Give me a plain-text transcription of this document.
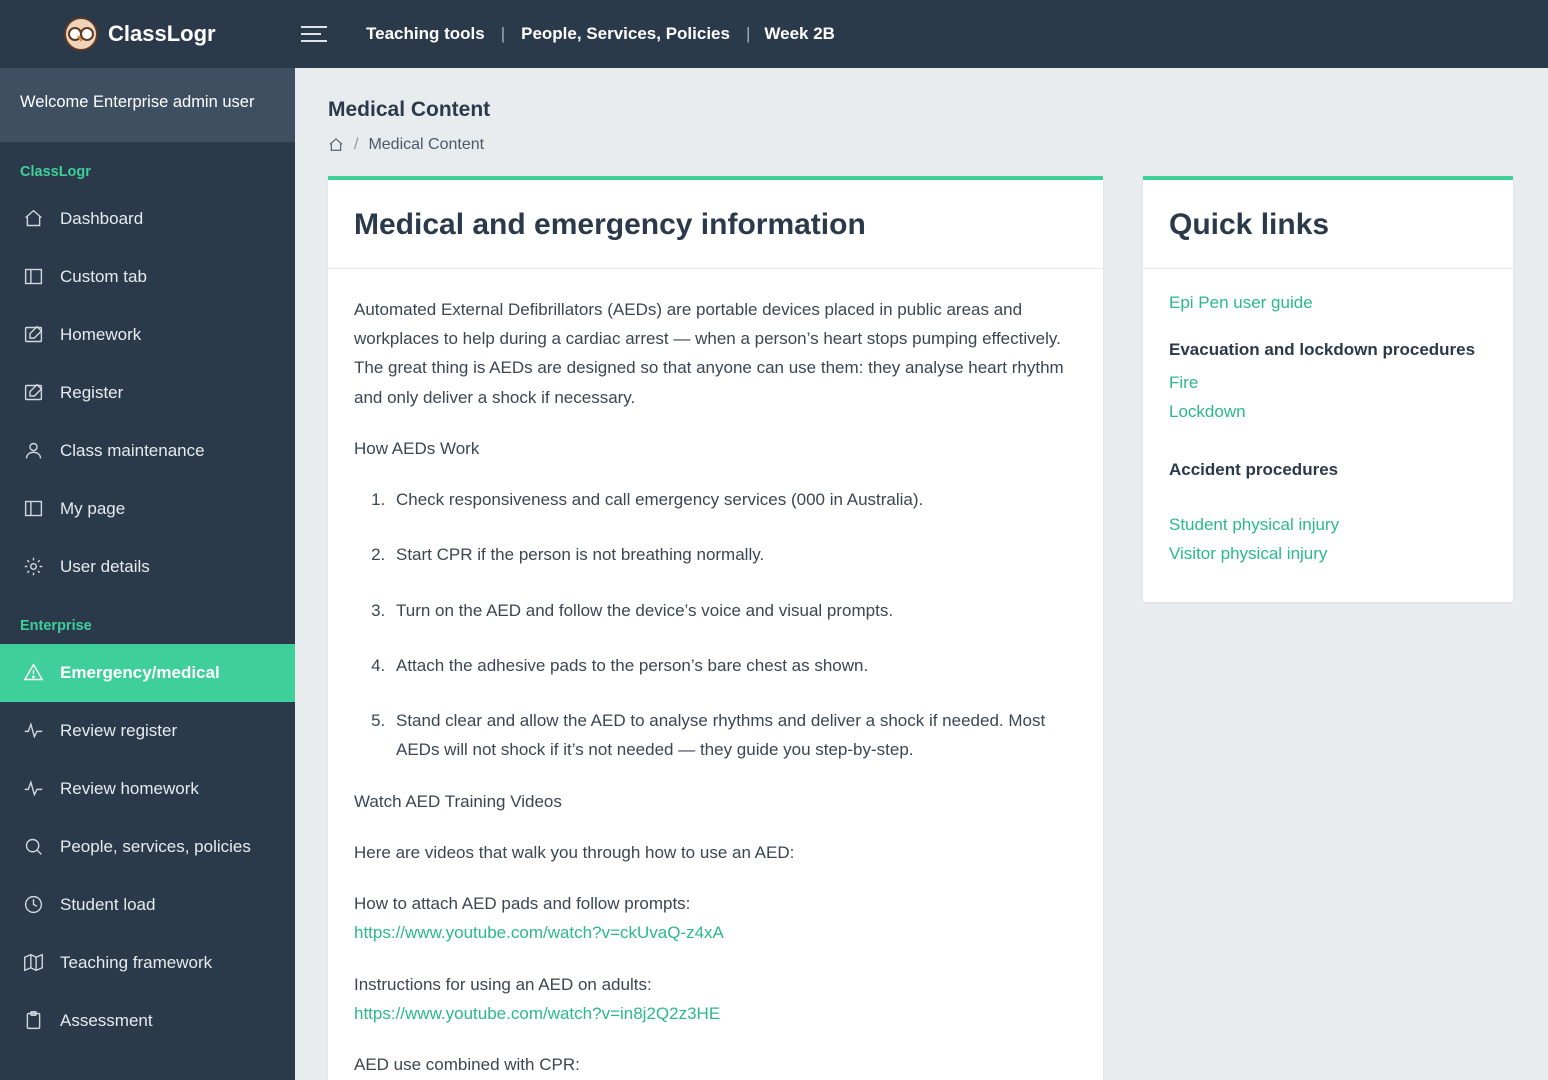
ClassLogr	Teaching tools | People, Services, Policies | Week 2B
Welcome Enterprise admin user
ClassLogr
Dashboard
Custom tab
Homework
Register
Class maintenance
My page
User details
Enterprise
Emergency/medical
Review register
Review homework
People, services, policies
Student load
Teaching framework
Assessment
Medical Content
/ Medical Content
Medical and emergency information

Automated External Defibrillators (AEDs) are portable devices placed in public areas and workplaces to help during a cardiac arrest — when a person’s heart stops pumping effectively. The great thing is AEDs are designed so that anyone can use them: they analyse heart rhythm and only deliver a shock if necessary.

How AEDs Work

1. Check responsiveness and call emergency services (000 in Australia).
2. Start CPR if the person is not breathing normally.
3. Turn on the AED and follow the device’s voice and visual prompts.
4. Attach the adhesive pads to the person’s bare chest as shown.
5. Stand clear and allow the AED to analyse rhythms and deliver a shock if needed. Most AEDs will not shock if it’s not needed — they guide you step-by-step.

Watch AED Training Videos

Here are videos that walk you through how to use an AED:

How to attach AED pads and follow prompts:
https://www.youtube.com/watch?v=ckUvaQ-z4xA

Instructions for using an AED on adults:
https://www.youtube.com/watch?v=in8j2Q2z3HE

AED use combined with CPR:

Quick links
Epi Pen user guide
Evacuation and lockdown procedures
Fire
Lockdown
Accident procedures
Student physical injury
Visitor physical injury
